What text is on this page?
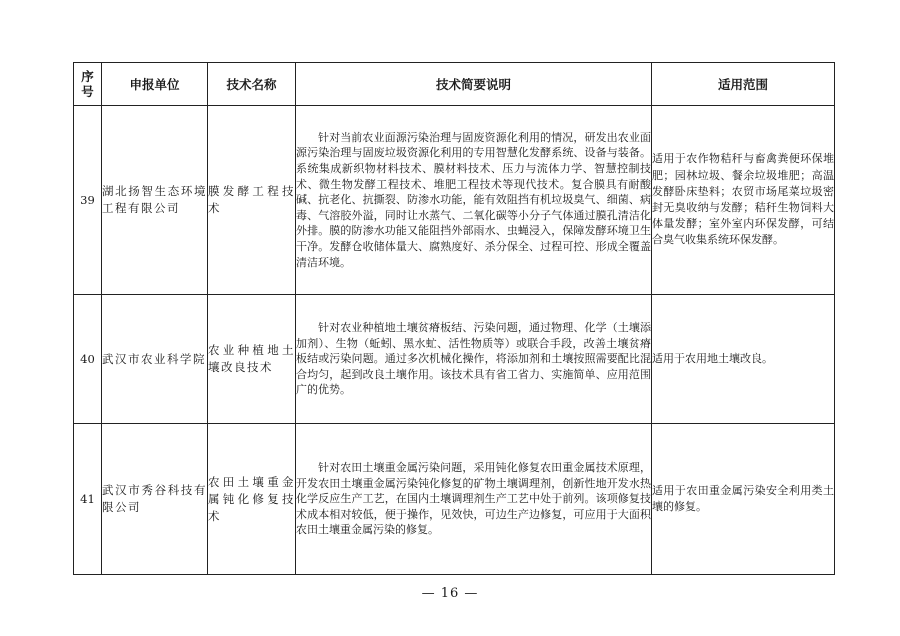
序号	申报单位	技术名称	技术简要说明	适用范围
39	湖北扬智生态环境工程有限公司	膜发酵工程技术	针对当前农业面源污染治理与固废资源化利用的情况，研发出农业面源污染治理与固废垃圾资源化利用的专用智慧化发酵系统、设备与装备。系统集成新织物材料技术、膜材料技术、压力与流体力学、智慧控制技术、微生物发酵工程技术、堆肥工程技术等现代技术。复合膜具有耐酸碱、抗老化、抗撕裂、防渗水功能，能有效阻挡有机垃圾臭气、细菌、病毒、气溶胶外溢，同时让水蒸气、二氧化碳等小分子气体通过膜孔清洁化外排。膜的防渗水功能又能阻挡外部雨水、虫蝇浸入，保障发酵环境卫生干净。发酵仓收储体量大、腐熟度好、杀分保全、过程可控、形成全覆盖清洁环境。	适用于农作物秸秆与畜禽粪便环保堆肥；园林垃圾、餐余垃圾堆肥；高温发酵卧床垫料；农贸市场尾菜垃圾密封无臭收纳与发酵；秸秆生物饲料大体量发酵；室外室内环保发酵，可结合臭气收集系统环保发酵。
40	武汉市农业科学院	农业种植地土壤改良技术	针对农业种植地土壤贫瘠板结、污染问题，通过物理、化学（土壤添加剂）、生物（蚯蚓、黑水虻、活性物质等）或联合手段，改善土壤贫瘠板结或污染问题。通过多次机械化操作，将添加剂和土壤按照需要配比混合均匀，起到改良土壤作用。该技术具有省工省力、实施简单、应用范围广的优势。	适用于农用地土壤改良。
41	武汉市秀谷科技有限公司	农田土壤重金属钝化修复技术	针对农田土壤重金属污染问题，采用钝化修复农田重金属技术原理，开发农田土壤重金属污染钝化修复的矿物土壤调理剂，创新性地开发水热化学反应生产工艺，在国内土壤调理剂生产工艺中处于前列。该项修复技术成本相对较低，便于操作，见效快，可边生产边修复，可应用于大面积农田土壤重金属污染的修复。	适用于农田重金属污染安全利用类土壤的修复。
— 16 —
